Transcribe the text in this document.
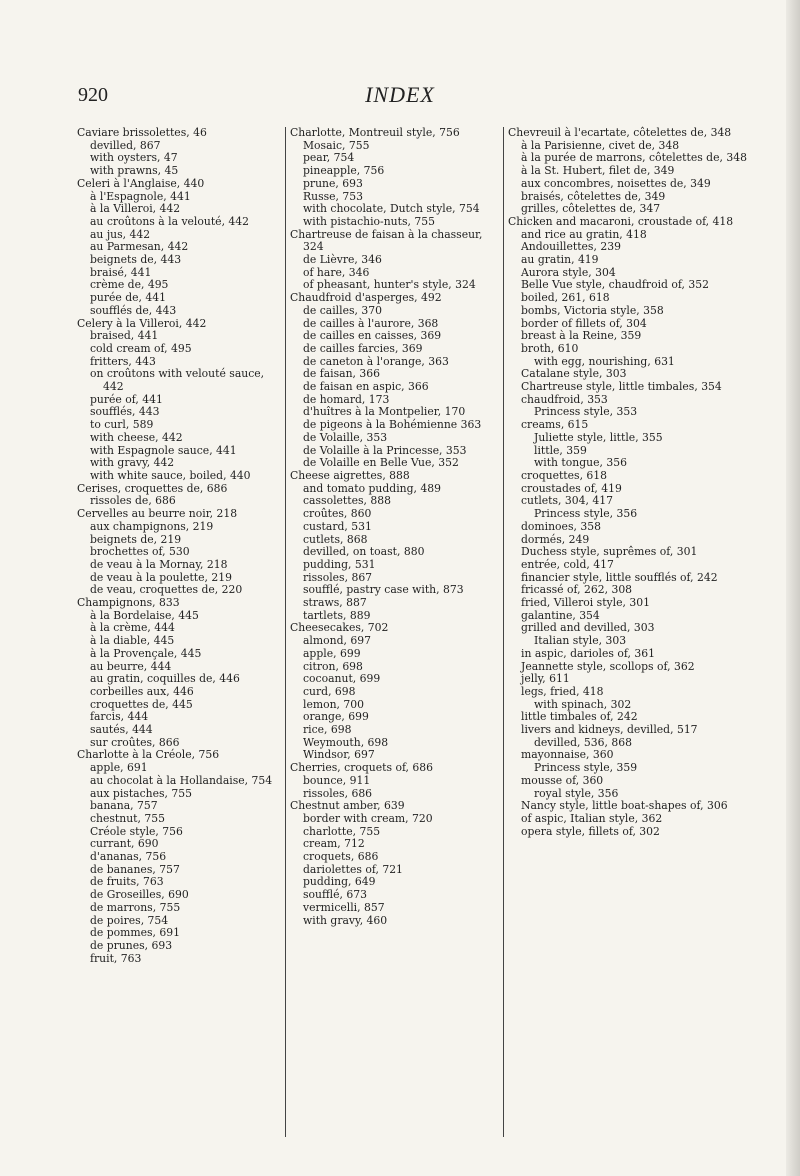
920	INDEX
Caviare brissolettes, 46
devilled, 867
with oysters, 47
with prawns, 45
Celeri à l'Anglaise, 440
à l'Espagnole, 441
à la Villeroi, 442
au croûtons à la velouté, 442
au jus, 442
au Parmesan, 442
beignets de, 443
braisé, 441
crème de, 495
purée de, 441
soufflés de, 443
Celery à la Villeroi, 442
braised, 441
cold cream of, 495
fritters, 443
on croûtons with velouté sauce, 442
purée of, 441
soufflés, 443
to curl, 589
with cheese, 442
with Espagnole sauce, 441
with gravy, 442
with white sauce, boiled, 440
Cerises, croquettes de, 686
rissoles de, 686
Cervelles au beurre noir, 218
aux champignons, 219
beignets de, 219
brochettes of, 530
de veau à la Mornay, 218
de veau à la poulette, 219
de veau, croquettes de, 220
Champignons, 833
à la Bordelaise, 445
à la crème, 444
à la diable, 445
à la Provençale, 445
au beurre, 444
au gratin, coquilles de, 446
corbeilles aux, 446
croquettes de, 445
farcis, 444
sautés, 444
sur croûtes, 866
Charlotte à la Créole, 756
apple, 691
au chocolat à la Hollandaise, 754
aux pistaches, 755
banana, 757
chestnut, 755
Créole style, 756
currant, 690
d'ananas, 756
de bananes, 757
de fruits, 763
de Groseilles, 690
de marrons, 755
de poires, 754
de pommes, 691
de prunes, 693
fruit, 763
Charlotte, Montreuil style, 756
Mosaic, 755
pear, 754
pineapple, 756
prune, 693
Russe, 753
with chocolate, Dutch style, 754
with pistachio-nuts, 755
Chartreuse de faisan à la chasseur, 324
de Lièvre, 346
of hare, 346
of pheasant, hunter's style, 324
Chaudfroid d'asperges, 492
de cailles, 370
de cailles à l'aurore, 368
de cailles en caisses, 369
de cailles farcies, 369
de caneton à l'orange, 363
de faisan, 366
de faisan en aspic, 366
de homard, 173
d'huîtres à la Montpelier, 170
de pigeons à la Bohémienne 363
de Volaille, 353
de Volaille à la Princesse, 353
de Volaille en Belle Vue, 352
Cheese aigrettes, 888
and tomato pudding, 489
cassolettes, 888
croûtes, 860
custard, 531
cutlets, 868
devilled, on toast, 880
pudding, 531
rissoles, 867
soufflé, pastry case with, 873
straws, 887
tartlets, 889
Cheesecakes, 702
almond, 697
apple, 699
citron, 698
cocoanut, 699
curd, 698
lemon, 700
orange, 699
rice, 698
Weymouth, 698
Windsor, 697
Cherries, croquets of, 686
bounce, 911
rissoles, 686
Chestnut amber, 639
border with cream, 720
charlotte, 755
cream, 712
croquets, 686
dariolettes of, 721
pudding, 649
soufflé, 673
vermicelli, 857
with gravy, 460
Chevreuil à l'ecartate, côtelettes de, 348
à la Parisienne, civet de, 348
à la purée de marrons, côtelettes de, 348
à la St. Hubert, filet de, 349
aux concombres, noisettes de, 349
braisés, côtelettes de, 349
grilles, côtelettes de, 347
Chicken and macaroni, croustade of, 418
and rice au gratin, 418
Andouillettes, 239
au gratin, 419
Aurora style, 304
Belle Vue style, chaudfroid of, 352
boiled, 261, 618
bombs, Victoria style, 358
border of fillets of, 304
breast à la Reine, 359
broth, 610
with egg, nourishing, 631
Catalane style, 303
Chartreuse style, little timbales, 354
chaudfroid, 353
Princess style, 353
creams, 615
Juliette style, little, 355
little, 359
with tongue, 356
croquettes, 618
croustades of, 419
cutlets, 304, 417
Princess style, 356
dominoes, 358
dormés, 249
Duchess style, suprêmes of, 301
entrée, cold, 417
financier style, little soufflés of, 242
fricassé of, 262, 308
fried, Villeroi style, 301
galantine, 354
grilled and devilled, 303
Italian style, 303
in aspic, darioles of, 361
Jeannette style, scollops of, 362
jelly, 611
legs, fried, 418
with spinach, 302
little timbales of, 242
livers and kidneys, devilled, 517
devilled, 536, 868
mayonnaise, 360
Princess style, 359
mousse of, 360
royal style, 356
Nancy style, little boat-shapes of, 306
of aspic, Italian style, 362
opera style, fillets of, 302
